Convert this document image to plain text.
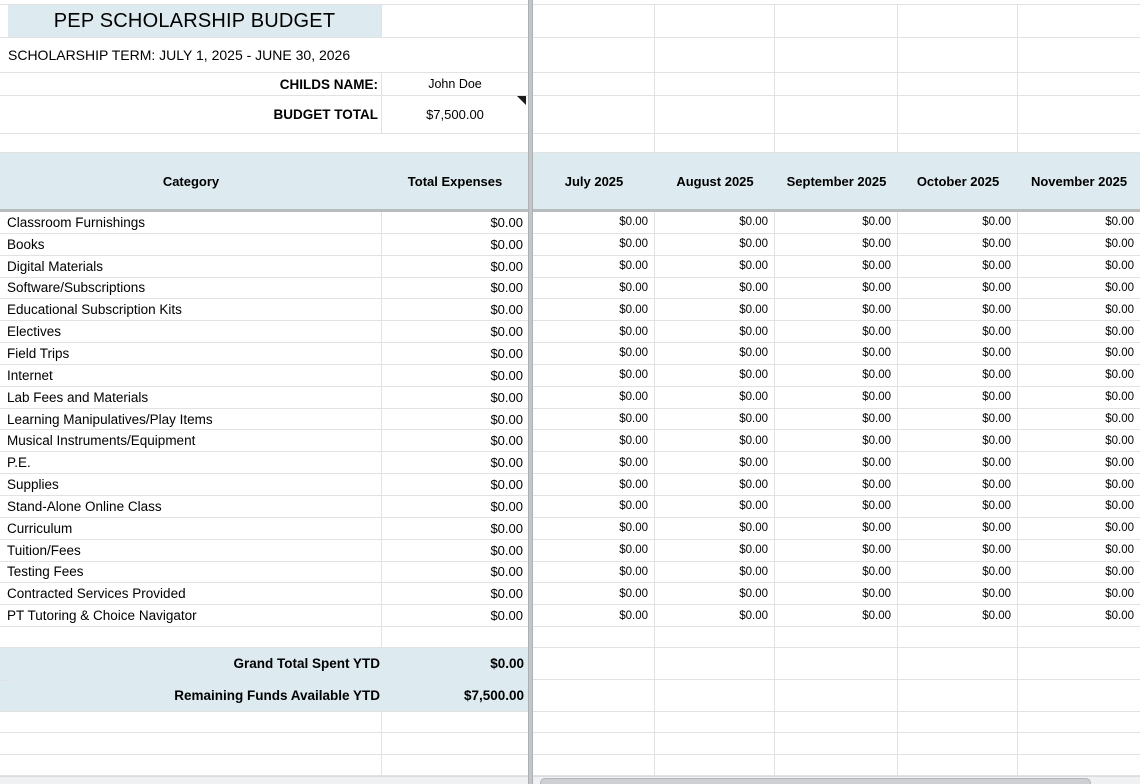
PEP SCHOLARSHIP BUDGET
SCHOLARSHIP TERM: JULY 1, 2025 - JUNE 30, 2026
CHILDS NAME:	John Doe
BUDGET TOTAL	$7,500.00
Category	Total Expenses	July 2025	August 2025	September 2025	October 2025	November 2025
Classroom Furnishings	$0.00	$0.00	$0.00	$0.00	$0.00	$0.00
Books	$0.00	$0.00	$0.00	$0.00	$0.00	$0.00
Digital Materials	$0.00	$0.00	$0.00	$0.00	$0.00	$0.00
Software/Subscriptions	$0.00	$0.00	$0.00	$0.00	$0.00	$0.00
Educational Subscription Kits	$0.00	$0.00	$0.00	$0.00	$0.00	$0.00
Electives	$0.00	$0.00	$0.00	$0.00	$0.00	$0.00
Field Trips	$0.00	$0.00	$0.00	$0.00	$0.00	$0.00
Internet	$0.00	$0.00	$0.00	$0.00	$0.00	$0.00
Lab Fees and Materials	$0.00	$0.00	$0.00	$0.00	$0.00	$0.00
Learning Manipulatives/Play Items	$0.00	$0.00	$0.00	$0.00	$0.00	$0.00
Musical Instruments/Equipment	$0.00	$0.00	$0.00	$0.00	$0.00	$0.00
P.E.	$0.00	$0.00	$0.00	$0.00	$0.00	$0.00
Supplies	$0.00	$0.00	$0.00	$0.00	$0.00	$0.00
Stand-Alone Online Class	$0.00	$0.00	$0.00	$0.00	$0.00	$0.00
Curriculum	$0.00	$0.00	$0.00	$0.00	$0.00	$0.00
Tuition/Fees	$0.00	$0.00	$0.00	$0.00	$0.00	$0.00
Testing Fees	$0.00	$0.00	$0.00	$0.00	$0.00	$0.00
Contracted Services Provided	$0.00	$0.00	$0.00	$0.00	$0.00	$0.00
PT Tutoring & Choice Navigator	$0.00	$0.00	$0.00	$0.00	$0.00	$0.00
Grand Total Spent YTD	$0.00
Remaining Funds Available YTD	$7,500.00
